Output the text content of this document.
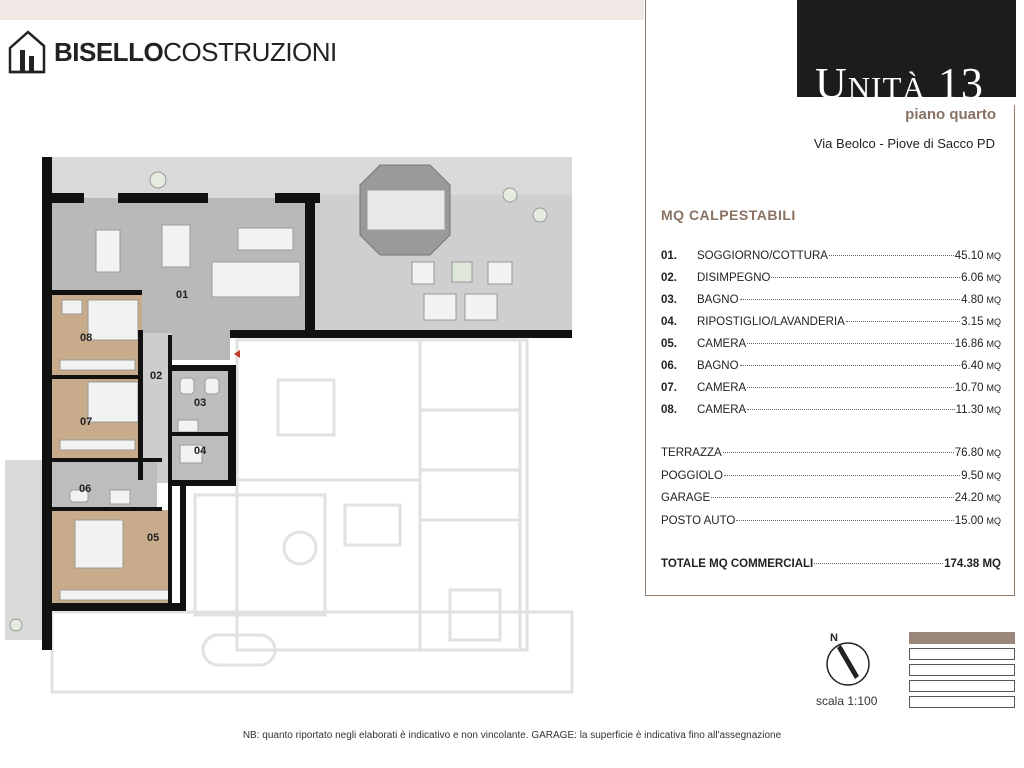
Unità 13
piano quarto
Via Beolco - Piove di Sacco PD
BISELLOCOSTRUZIONI
MQ CALPESTABILI
01.	SOGGIORNO/COTTURA	45.10 MQ
02.	DISIMPEGNO	6.06 MQ
03.	BAGNO	4.80 MQ
04.	RIPOSTIGLIO/LAVANDERIA	3.15 MQ
05.	CAMERA	16.86 MQ
06.	BAGNO	6.40 MQ
07.	CAMERA	10.70 MQ
08.	CAMERA	11.30 MQ
TERRAZZA	76.80 MQ
POGGIOLO	9.50 MQ
GARAGE	24.20 MQ
POSTO AUTO	15.00 MQ
TOTALE MQ COMMERCIALI	174.38 MQ
N
scala 1:100
01
02
03
04
05
06
07
08
NB: quanto riportato negli elaborati è indicativo e non vincolante. GARAGE: la superficie è indicativa fino all'assegnazione
